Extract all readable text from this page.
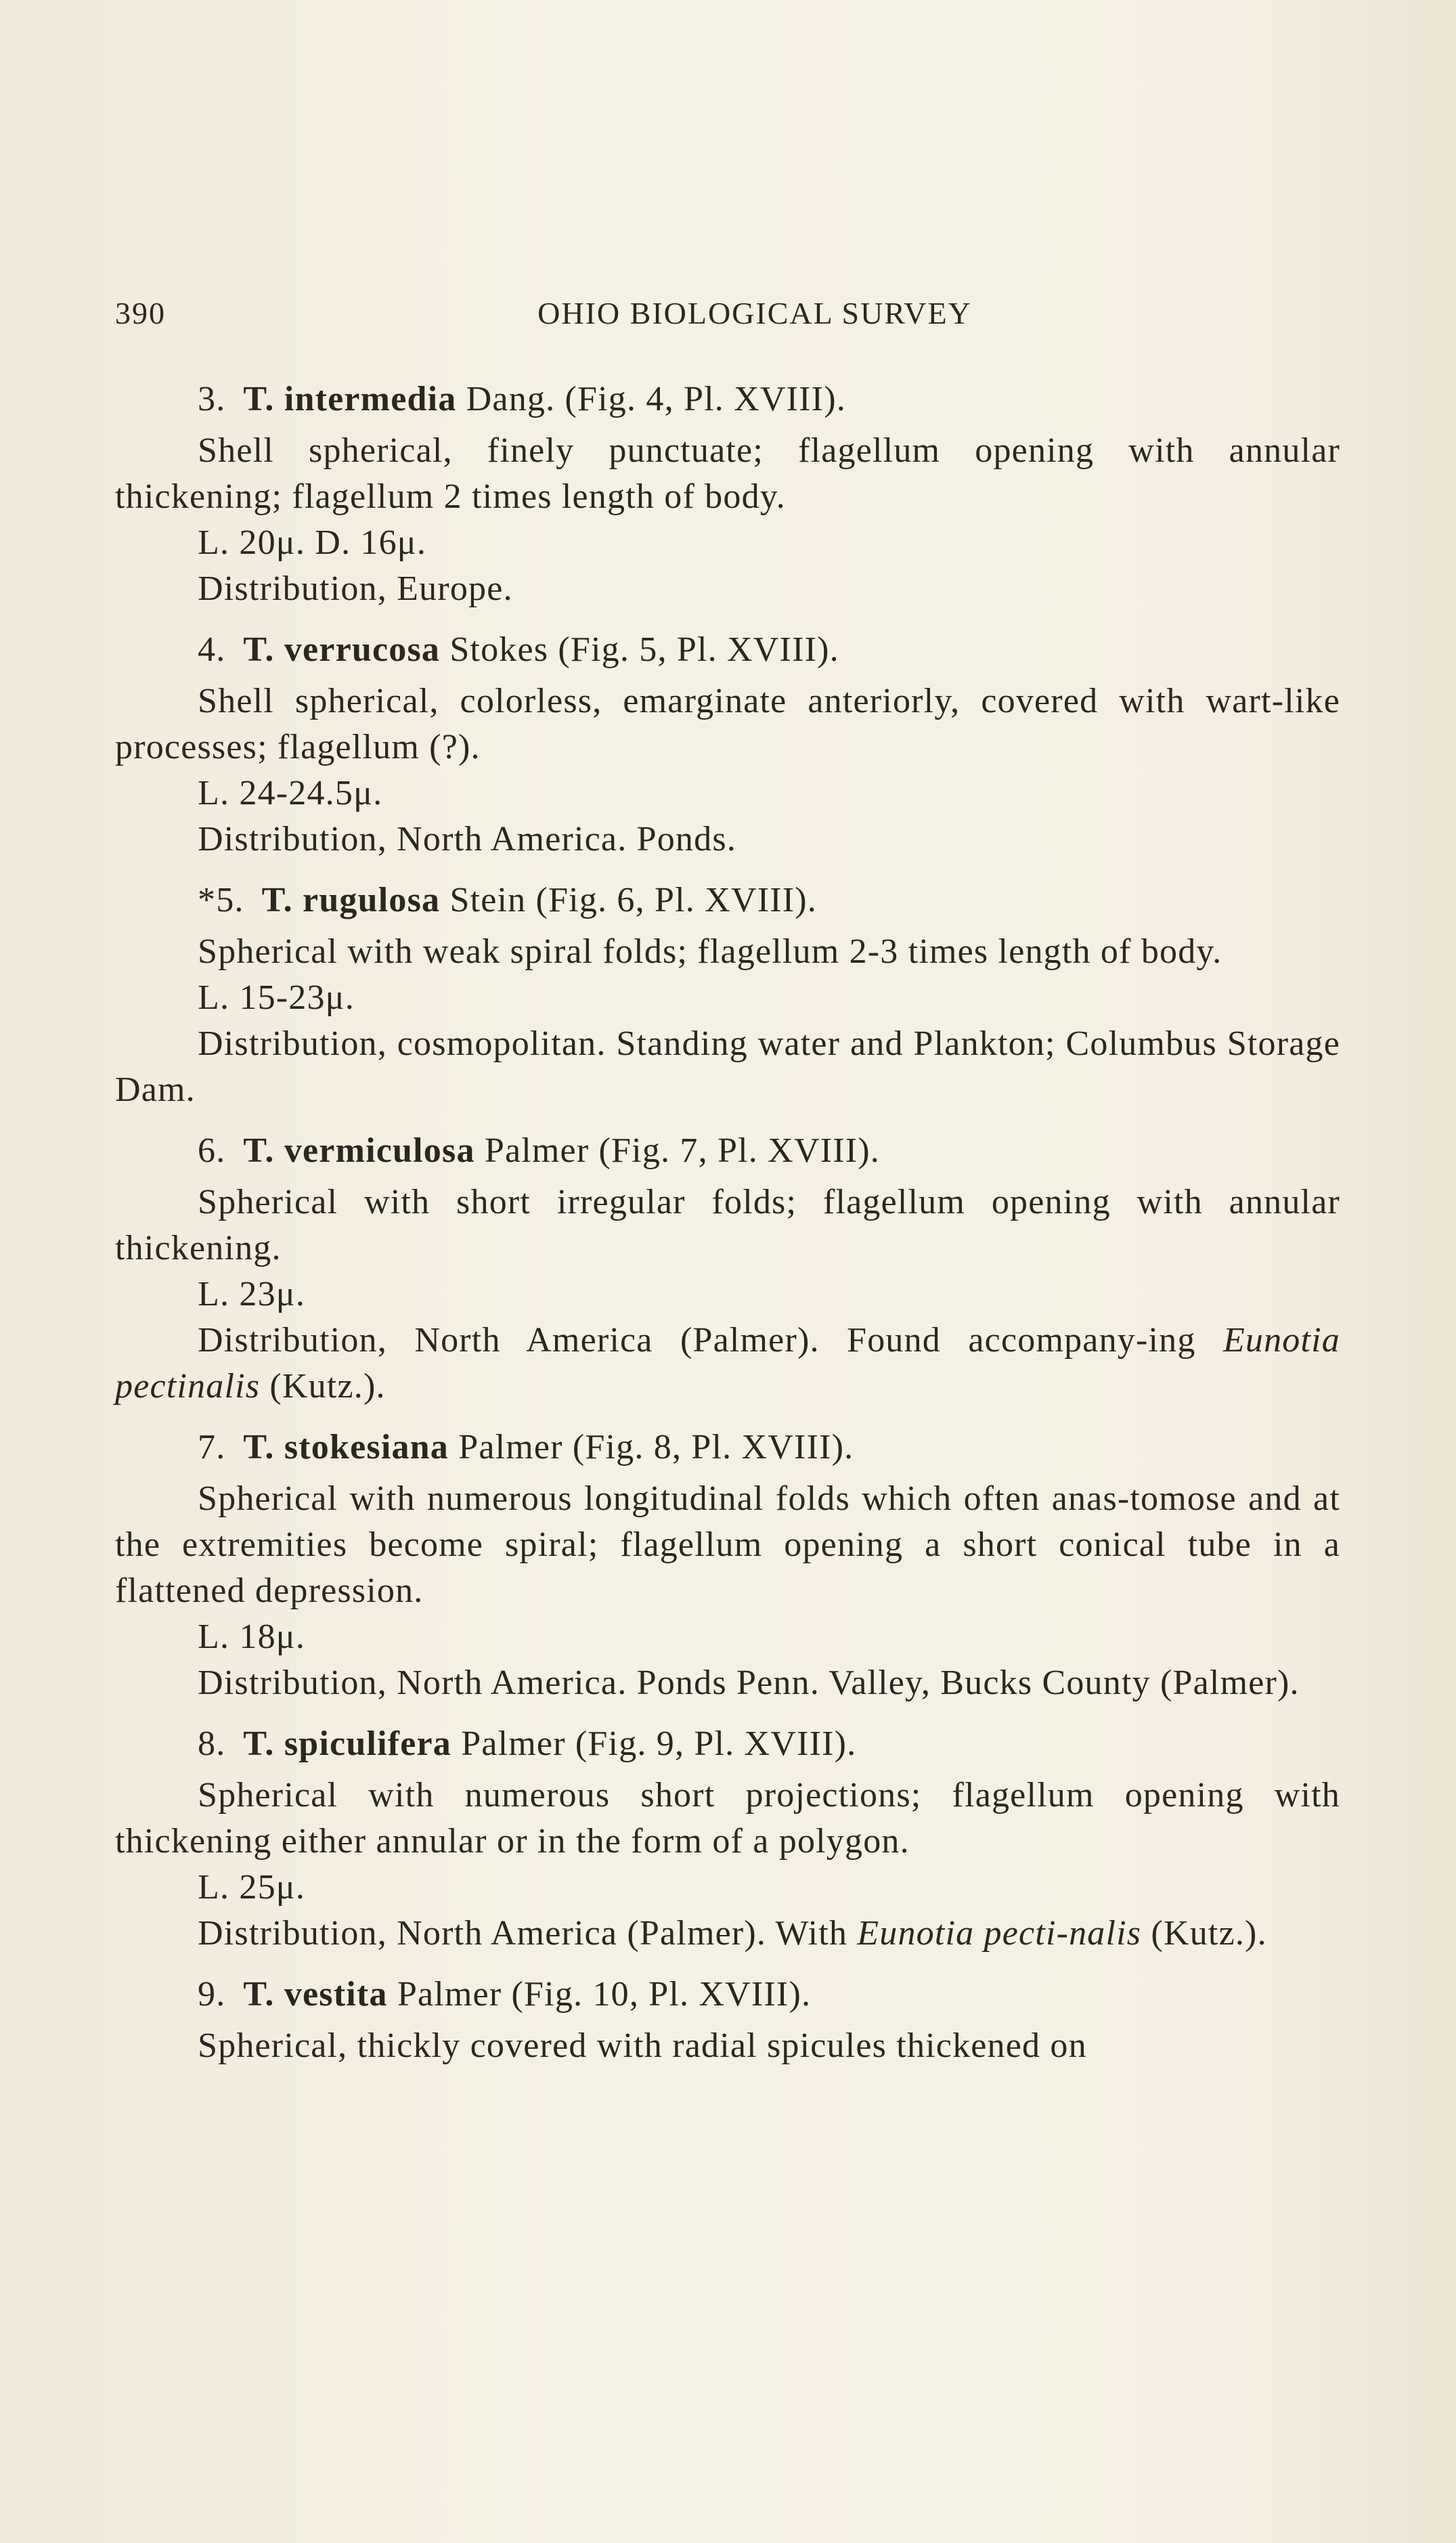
390	OHIO BIOLOGICAL SURVEY

3. T. intermedia Dang. (Fig. 4, Pl. XVIII).

Shell spherical, finely punctuate; flagellum opening with annular thickening; flagellum 2 times length of body.

L. 20μ. D. 16μ.

Distribution, Europe.

4. T. verrucosa Stokes (Fig. 5, Pl. XVIII).

Shell spherical, colorless, emarginate anteriorly, covered with wart-like processes; flagellum (?).

L. 24-24.5μ.

Distribution, North America. Ponds.

*5. T. rugulosa Stein (Fig. 6, Pl. XVIII).

Spherical with weak spiral folds; flagellum 2-3 times length of body.

L. 15-23μ.

Distribution, cosmopolitan. Standing water and Plankton; Columbus Storage Dam.

6. T. vermiculosa Palmer (Fig. 7, Pl. XVIII).

Spherical with short irregular folds; flagellum opening with annular thickening.

L. 23μ.

Distribution, North America (Palmer). Found accompany-ing Eunotia pectinalis (Kutz.).

7. T. stokesiana Palmer (Fig. 8, Pl. XVIII).

Spherical with numerous longitudinal folds which often anas-tomose and at the extremities become spiral; flagellum opening a short conical tube in a flattened depression.

L. 18μ.

Distribution, North America. Ponds Penn. Valley, Bucks County (Palmer).

8. T. spiculifera Palmer (Fig. 9, Pl. XVIII).

Spherical with numerous short projections; flagellum opening with thickening either annular or in the form of a polygon.

L. 25μ.

Distribution, North America (Palmer). With Eunotia pecti-nalis (Kutz.).

9. T. vestita Palmer (Fig. 10, Pl. XVIII).

Spherical, thickly covered with radial spicules thickened on
